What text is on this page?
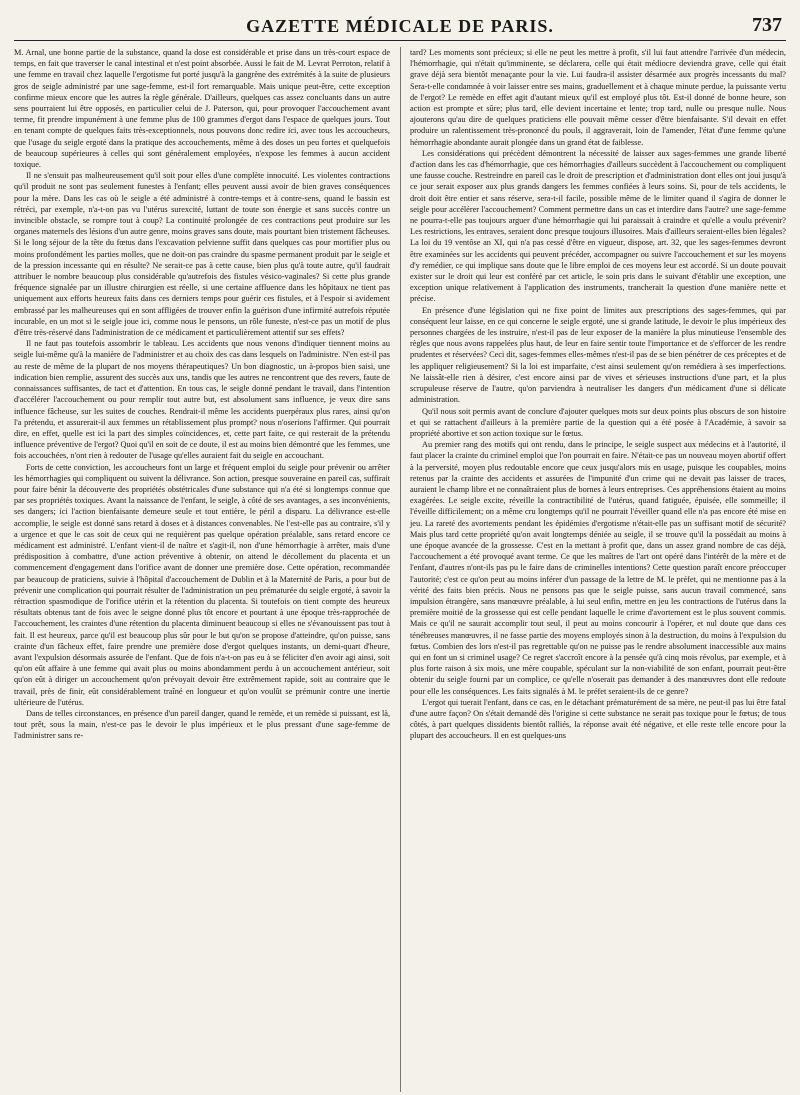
GAZETTE MÉDICALE DE PARIS.	737

M. Arnal, une bonne partie de la substance, quand la dose est considérable et prise dans un très-court espace de temps, en fait que traverser le canal intestinal et n'est point absorbée. Aussi le fait de M. Levrat Perroton, relatif à une femme en travail chez laquelle l'ergotisme fut porté jusqu'à la gangrène des extrémités à la suite de plusieurs gros de seigle administré par une sage-femme, est-il fort remarquable. Mais unique peut-être, cette exception confirme mieux encore que les autres la règle générale. D'ailleurs, quelques cas assez concluants dans un autre sens pourraient lui être opposés, en particulier celui de J. Paterson, qui, pour provoquer l'accouchement avant terme, fit prendre impunément à une femme plus de 100 grammes d'ergot dans l'espace de quelques jours. Tout en tenant compte de quelques faits très-exceptionnels, nous pouvons donc redire ici, avec tous les accoucheurs, que l'usage du seigle ergoté dans la pratique des accouchements, même à des doses un peu fortes et quelquefois de beaucoup supérieures à celles qui sont généralement employées, n'expose les femmes à aucun accident toxique.

Il ne s'ensuit pas malheureusement qu'il soit pour elles d'une complète innocuité. Les violentes contractions qu'il produit ne sont pas seulement funestes à l'enfant; elles peuvent aussi avoir de bien graves conséquences pour la mère. Dans les cas où le seigle a été administré à contre-temps et à contre-sens, quand le bassin est rétréci, par exemple, n'a-t-on pas vu l'utérus surexcité, luttant de toute son énergie et sans succès contre un invincible obstacle, se rompre tout à coup? La continuité prolongée de ces contractions peut produire sur les organes maternels des lésions d'un autre genre, moins graves sans doute, mais pourtant bien tristement fâcheuses. Si le long séjour de la tête du fœtus dans l'excavation pelvienne suffit dans quelques cas pour mortifier plus ou moins profondément les parties molles, que ne doit-on pas craindre du spasme permanent produit par le seigle et de la pression incessante qui en résulte? Ne serait-ce pas à cette cause, bien plus qu'à toute autre, qu'il faudrait attribuer le nombre beaucoup plus considérable qu'autrefois des fistules vésico-vaginales? Si cette plus grande fréquence signalée par un illustre chirurgien est réelle, si une certaine affluence dans les hôpitaux ne tient pas uniquement aux efforts heureux faits dans ces derniers temps pour guérir ces fistules, et à l'espoir si avidement embrassé par les malheureuses qui en sont affligées de trouver enfin la guérison d'une infirmité autrefois réputée incurable, en un mot si le seigle joue ici, comme nous le pensons, un rôle funeste, n'est-ce pas un motif de plus d'être très-réservé dans l'administration de ce médicament et particulièrement attentif sur ses effets?

Il ne faut pas toutefois assombrir le tableau. Les accidents que nous venons d'indiquer tiennent moins au seigle lui-même qu'à la manière de l'administrer et au choix des cas dans lesquels on l'administre. N'en est-il pas au reste de même de la plupart de nos moyens thérapeutiques? Un bon diagnostic, un à-propos bien saisi, une indication bien remplie, assurent des succès aux uns, tandis que les autres ne rencontrent que des revers, faute de connaissances suffisantes, de tact et d'attention. En tous cas, le seigle donné pendant le travail, dans l'intention d'accélérer l'accouchement ou pour remplir tout autre but, est absolument sans influence, je veux dire sans influence fâcheuse, sur les suites de couches. Rendrait-il même les accidents puerpéraux plus rares, ainsi qu'on l'a prétendu, et assurerait-il aux femmes un rétablissement plus prompt? nous n'oserions l'affirmer. Qui pourrait dire, en effet, quelle est ici la part des simples coïncidences, et, cette part faite, ce qui resterait de la prétendu influence préventive de l'ergot? Quoi qu'il en soit de ce doute, il est au moins bien démontré que les femmes, une fois accouchées, n'ont rien à redouter de l'usage qu'elles auraient fait du seigle en accouchant.

Forts de cette conviction, les accoucheurs font un large et fréquent emploi du seigle pour prévenir ou arrêter les hémorrhagies qui compliquent ou suivent la délivrance. Son action, presque souveraine en pareil cas, suffirait pour faire bénir la découverte des propriétés obstétricales d'une substance qui n'a été si longtemps connue que par ses propriétés toxiques. Avant la naissance de l'enfant, le seigle, à côté de ses avantages, a ses inconvénients, ses dangers; ici l'action bienfaisante demeure seule et tout entière, le péril a disparu. La délivrance est-elle accomplie, le seigle est donné sans retard à doses et à distances convenables. Ne l'est-elle pas au contraire, s'il y a urgence et que le cas soit de ceux qui ne requièrent pas quelque opération préalable, sans retard encore ce médicament est administré. L'enfant vient-il de naître et s'agit-il, non d'une hémorrhagie à arrêter, mais d'une prédisposition à combattre, d'une action préventive à obtenir, on attend le décollement du placenta et un commencement d'engagement dans l'orifice avant de donner une première dose. Cette opération, recommandée par beaucoup de praticiens, suivie à l'hôpital d'accouchement de Dublin et à la Maternité de Paris, a pour but de prévenir une complication qui pourrait résulter de l'administration un peu prématurée du seigle ergoté, à savoir la rétraction spasmodique de l'orifice utérin et la rétention du placenta. Si toutefois on tient compte des heureux résultats obtenus tant de fois avec le seigne donné plus tôt encore et pourtant à une époque très-rapprochée de l'accouchement, les craintes d'une rétention du placenta diminuent beaucoup si elles ne s'évanouissent pas tout à fait. Il est heureux, parce qu'il est beaucoup plus sûr pour le but qu'on se propose d'atteindre, qu'on puisse, sans crainte d'un fâcheux effet, faire prendre une première dose d'ergot quelques instants, un demi-quart d'heure, avant l'expulsion désormais assurée de l'enfant. Que de fois n'a-t-on pas eu à se féliciter d'en avoir agi ainsi, soit qu'on eût affaire à une femme qui avait plus ou moins abondamment perdu à un accouchement antérieur, soit qu'on eût à diriger un accouchement qu'on prévoyait devoir être extrêmement rapide, soit au contraire que le travail, près de finir, eût considérablement traîné en longueur et qu'on voulût se prémunir contre une inertie ultérieure de l'utérus.

Dans de telles circonstances, en présence d'un pareil danger, quand le remède, et un remède si puissant, est là, tout prêt, sous la main, n'est-ce pas le devoir le plus impérieux et le plus pressant d'une sage-femme de l'administrer sans re-

tard? Les moments sont précieux; si elle ne peut les mettre à profit, s'il lui faut attendre l'arrivée d'un médecin, l'hémorrhagie, qui n'était qu'imminente, se déclarera, celle qui était médiocre deviendra grave, celle qui était grave déjà sera bientôt menaçante pour la vie. Lui faudra-il assister désarmée aux progrès incessants du mal? Sera-t-elle condamnée à voir laisser entre ses mains, graduellement et à chaque minute perdue, la puissante vertu de l'ergot? Le remède en effet agit d'autant mieux qu'il est employé plus tôt. Est-il donné de bonne heure, son action est prompte et sûre; plus tard, elle devient incertaine et lente; trop tard, nulle ou presque nulle. Nous ajouterons qu'au dire de quelques praticiens elle pouvait même cesser d'être bienfaisante. S'il devait en effet produire un ralentissement très-prononcé du pouls, il aggraverait, loin de l'amender, l'état d'une femme qu'une hémorrhagie abondante aurait plongée dans un grand état de faiblesse.

Les considérations qui précèdent démontrent la nécessité de laisser aux sages-femmes une grande liberté d'action dans les cas d'hémorrhagie, que ces hémorrhagies d'ailleurs succèdent à l'accouchement ou compliquent une fausse couche. Restreindre en pareil cas le droit de prescription et d'administration dont elles ont joui jusqu'à ce jour serait exposer aux plus grands dangers les femmes confiées à leurs soins. Si, pour de tels accidents, le droit doit être entier et sans réserve, sera-t-il facile, possible même de le limiter quand il s'agira de donner le seigle pour accélérer l'accouchement? Comment permettre dans un cas et interdire dans l'autre? une sage-femme ne pourra-t-elle pas toujours arguer d'une hémorrhagie qui lui paraissait à craindre et qu'elle a voulu prévenir? Les restrictions, les entraves, seraient donc presque toujours illusoires. Mais d'ailleurs seraient-elles bien légales? La loi du 19 ventôse an XI, qui n'a pas cessé d'être en vigueur, dispose, art. 32, que les sages-femmes devront être examinées sur les accidents qui peuvent précéder, accompagner ou suivre l'accouchement et sur les moyens d'y remédier, ce qui implique sans doute que le libre emploi de ces moyens leur est accordé. Si un doute pouvait exister sur le droit qui leur est conféré par cet article, le soin pris dans le suivant d'établir une exception, une exception unique relativement à l'application des instruments, trancherait la question d'une manière nette et précise.

En présence d'une législation qui ne fixe point de limites aux prescriptions des sages-femmes, qui par conséquent leur laisse, en ce qui concerne le seigle ergoté, une si grande latitude, le devoir le plus impérieux des personnes chargées de les instruire, n'est-il pas de leur exposer de la manière la plus minutieuse l'ensemble des règles que nous avons rappelées plus haut, de leur en faire sentir toute l'importance et de s'efforcer de les rendre prudentes et réservées? Ceci dit, sages-femmes elles-mêmes n'est-il pas de se bien pénétrer de ces préceptes et de les appliquer religieusement? Si la loi est imparfaite, c'est ainsi seulement qu'on remédiera à ses imperfections. Ne laissât-elle rien à désirer, c'est encore ainsi par de vives et sérieuses instructions d'une part, et la plus scrupuleuse réserve de l'autre, qu'on parviendra à neutraliser les dangers d'un médicament d'une si délicate administration.

Qu'il nous soit permis avant de conclure d'ajouter quelques mots sur deux points plus obscurs de son histoire et qui se rattachent d'ailleurs à la première partie de la question qui a été posée à l'Académie, à savoir sa propriété abortive et son action toxique sur le fœtus.

Au premier rang des motifs qui ont rendu, dans le principe, le seigle suspect aux médecins et à l'autorité, il faut placer la crainte du criminel emploi que l'on pourrait en faire. N'était-ce pas un nouveau moyen abortif offert à la perversité, moyen plus redoutable encore que ceux jusqu'alors mis en usage, puisque les coupables, moins retenus par la crainte des accidents et assurées de l'impunité d'un crime qui ne devait pas laisser de traces, auraient le champ libre et ne connaîtraient plus de bornes à leurs entreprises. Ces appréhensions étaient au moins exagérées. Le seigle excite, réveille la contractibilité de l'utérus, quand fatiguée, épuisée, elle sommeille; il l'éveille difficilement; on a même cru longtemps qu'il ne pourrait l'éveiller quand elle n'a pas encore été mise en jeu. La rareté des avortements pendant les épidémies d'ergotisme n'était-elle pas un suffisant motif de sécurité? Mais plus tard cette propriété qu'on avait longtemps déniée au seigle, il se trouve qu'il la possédait au moins à une époque avancée de la grossesse. C'est en la mettant à profit que, dans un assez grand nombre de cas déjà, l'accouchement a été provoqué avant terme. Ce que les maîtres de l'art ont opéré dans l'intérêt de la mère et de l'enfant, d'autres n'ont-ils pas pu le faire dans de criminelles intentions? Cette question paraît encore préoccuper l'autorité; c'est ce qu'on peut au moins inférer d'un passage de la lettre de M. le préfet, qui ne mentionne pas à la vérité des faits bien précis. Nous ne pensons pas que le seigle puisse, sans aucun travail commencé, sans impulsion étrangère, sans manœuvre préalable, à lui seul enfin, mettre en jeu les contractions de l'utérus dans la première moitié de la grossesse qui est celle pendant laquelle le crime d'avortement est le plus souvent commis. Mais ce qu'il ne saurait accomplir tout seul, il peut au moins concourir à l'opérer, et nul doute que dans ces ténébreuses manœuvres, il ne fasse partie des moyens employés sinon à la destruction, du moins à l'expulsion du fœtus. Combien des lors n'est-il pas regrettable qu'on ne puisse pas le rendre absolument inaccessible aux mains qui en font un si criminel usage? Ce regret s'accroît encore à la pensée qu'à cinq mois révolus, par exemple, et à plus forte raison à six mois, une mère coupable, spéculant sur la non-viabilité de son enfant, pourrait peut-être obtenir du seigle fourni par un complice, ce qu'elle n'oserait pas demander à des manœuvres dont elle redoute pour elle les conséquences. Les faits signalés à M. le préfet seraient-ils de ce genre?

L'ergot qui tuerait l'enfant, dans ce cas, en le détachant prématurément de sa mère, ne peut-il pas lui être fatal d'une autre façon? On s'était demandé dès l'origine si cette substance ne serait pas toxique pour le fœtus; de tous côtés, à part quelques dissidents bientôt ralliés, la réponse avait été négative, et elle reste telle encore pour la plupart des accoucheurs. Il en est quelques-uns
